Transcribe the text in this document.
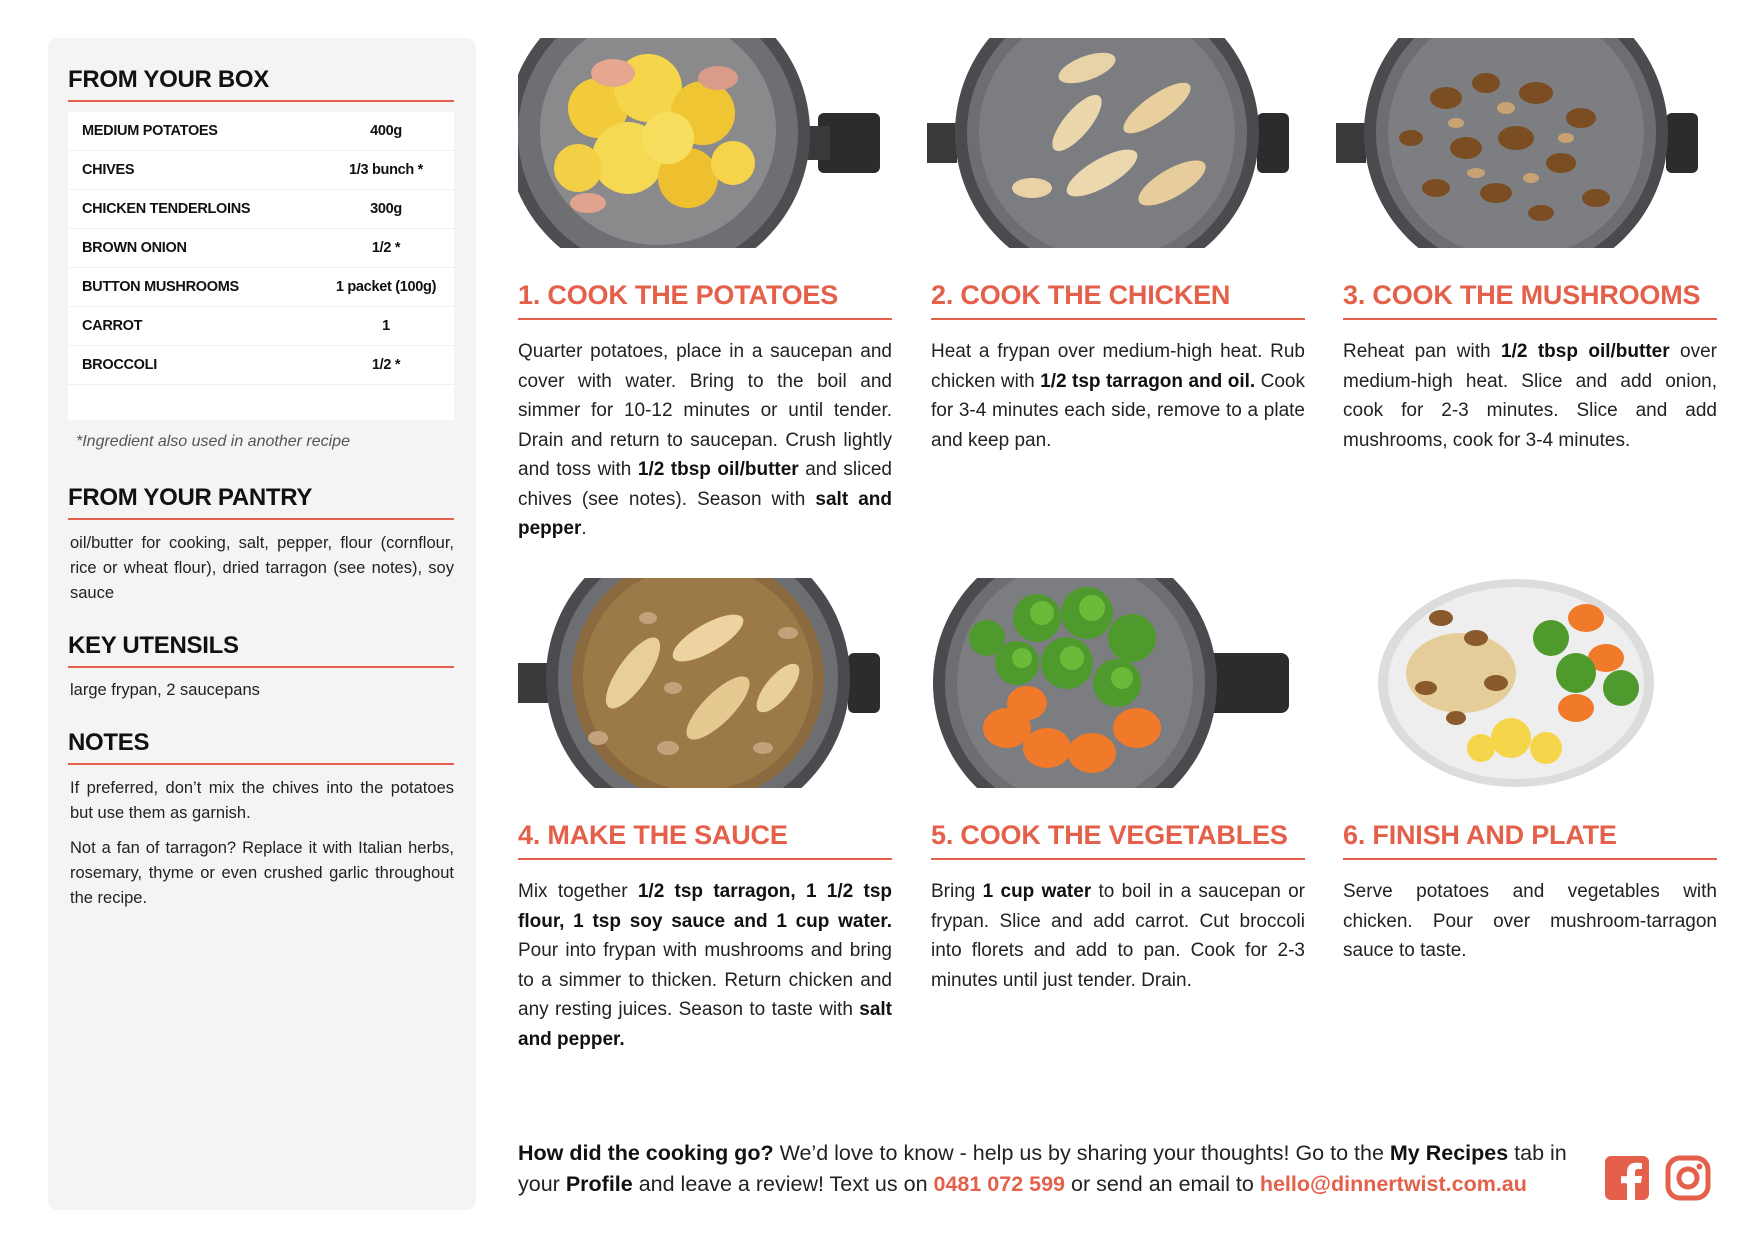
FROM YOUR BOX
MEDIUM POTATOES	400g
CHIVES	1/3 bunch *
CHICKEN TENDERLOINS	300g
BROWN ONION	1/2 *
BUTTON MUSHROOMS	1 packet (100g)
CARROT	1
BROCCOLI	1/2 *
*Ingredient also used in another recipe
FROM YOUR PANTRY
oil/butter for cooking, salt, pepper, flour (cornflour, rice or wheat flour), dried tarragon (see notes), soy sauce
KEY UTENSILS
large frypan, 2 saucepans
NOTES
If preferred, don’t mix the chives into the potatoes but use them as garnish.
Not a fan of tarragon? Replace it with Italian herbs, rosemary, thyme or even crushed garlic throughout the recipe.
1. COOK THE POTATOES
Quarter potatoes, place in a saucepan and cover with water. Bring to the boil and simmer for 10-12 minutes or until tender. Drain and return to saucepan. Crush lightly and toss with 1/2 tbsp oil/butter and sliced chives (see notes). Season with salt and pepper.
2. COOK THE CHICKEN
Heat a frypan over medium-high heat. Rub chicken with 1/2 tsp tarragon and oil. Cook for 3-4 minutes each side, remove to a plate and keep pan.
3. COOK THE MUSHROOMS
Reheat pan with 1/2 tbsp oil/butter over medium-high heat. Slice and add onion, cook for 2-3 minutes. Slice and add mushrooms, cook for 3-4 minutes.
4. MAKE THE SAUCE
Mix together 1/2 tsp tarragon, 1 1/2 tsp flour, 1 tsp soy sauce and 1 cup water. Pour into frypan with mushrooms and bring to a simmer to thicken. Return chicken and any resting juices. Season to taste with salt and pepper.
5. COOK THE VEGETABLES
Bring 1 cup water to boil in a saucepan or frypan. Slice and add carrot. Cut broccoli into florets and add to pan. Cook for 2-3 minutes until just tender. Drain.
6. FINISH AND PLATE
Serve potatoes and vegetables with chicken. Pour over mushroom-tarragon sauce to taste.
How did the cooking go? We’d love to know - help us by sharing your thoughts! Go to the My Recipes tab in your Profile and leave a review! Text us on 0481 072 599 or send an email to hello@dinnertwist.com.au
